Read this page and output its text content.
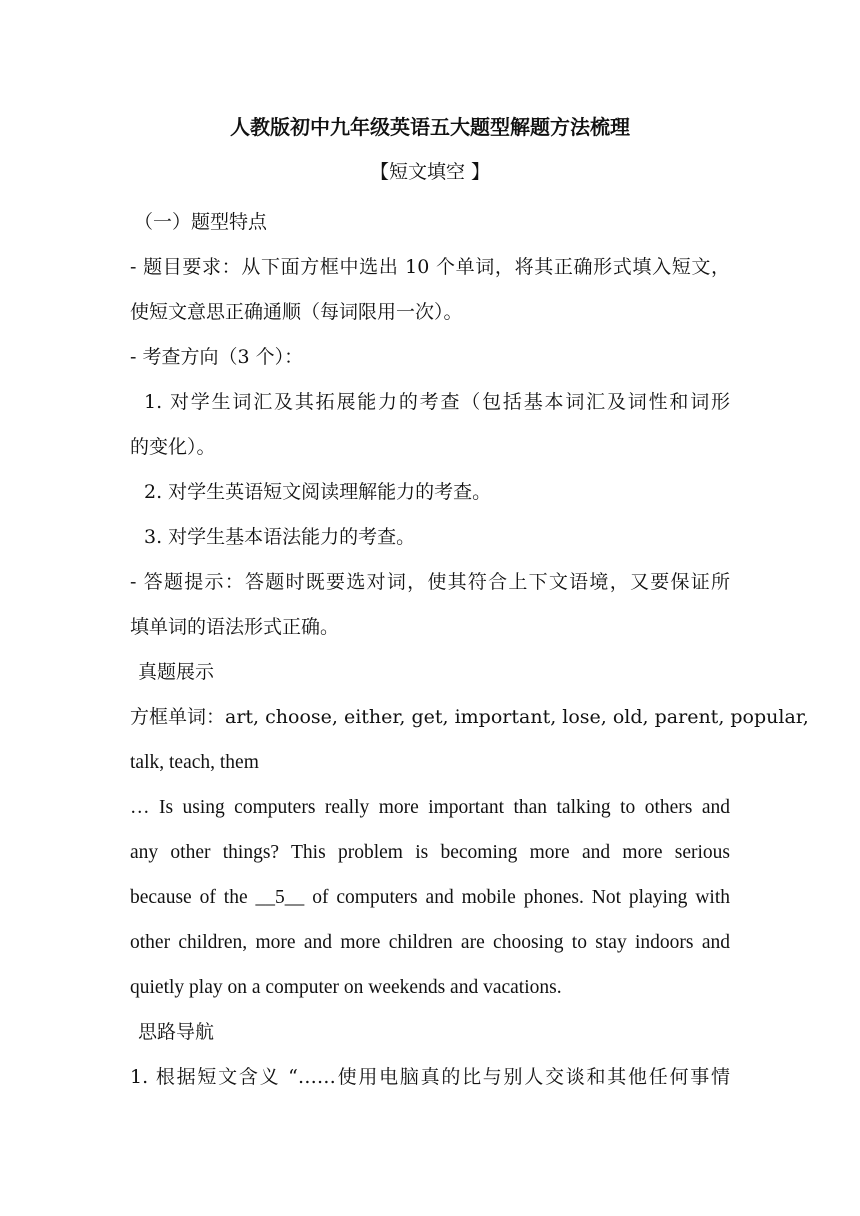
人教版初中九年级英语五大题型解题方法梳理
【短文填空 】
（一）题型特点
- 题目要求：从下面方框中选出 10 个单词，将其正确形式填入短文，
使短文意思正确通顺（每词限用一次）。
- 考查方向（3 个）：
1. 对学生词汇及其拓展能力的考查（包括基本词汇及词性和词形
的变化）。
2. 对学生英语短文阅读理解能力的考查。
3. 对学生基本语法能力的考查。
- 答题提示：答题时既要选对词，使其符合上下文语境，又要保证所
填单词的语法形式正确。
真题展示
方框单词：art, choose, either, get, important, lose, old, parent, popular,
talk, teach, them
… Is using computers really more important than talking to others and
any other things? This problem is becoming more and more serious
because of the __5__ of computers and mobile phones. Not playing with
other children, more and more children are choosing to stay indoors and
quietly play on a computer on weekends and vacations.
思路导航
1. 根据短文含义 “……使用电脑真的比与别人交谈和其他任何事情
